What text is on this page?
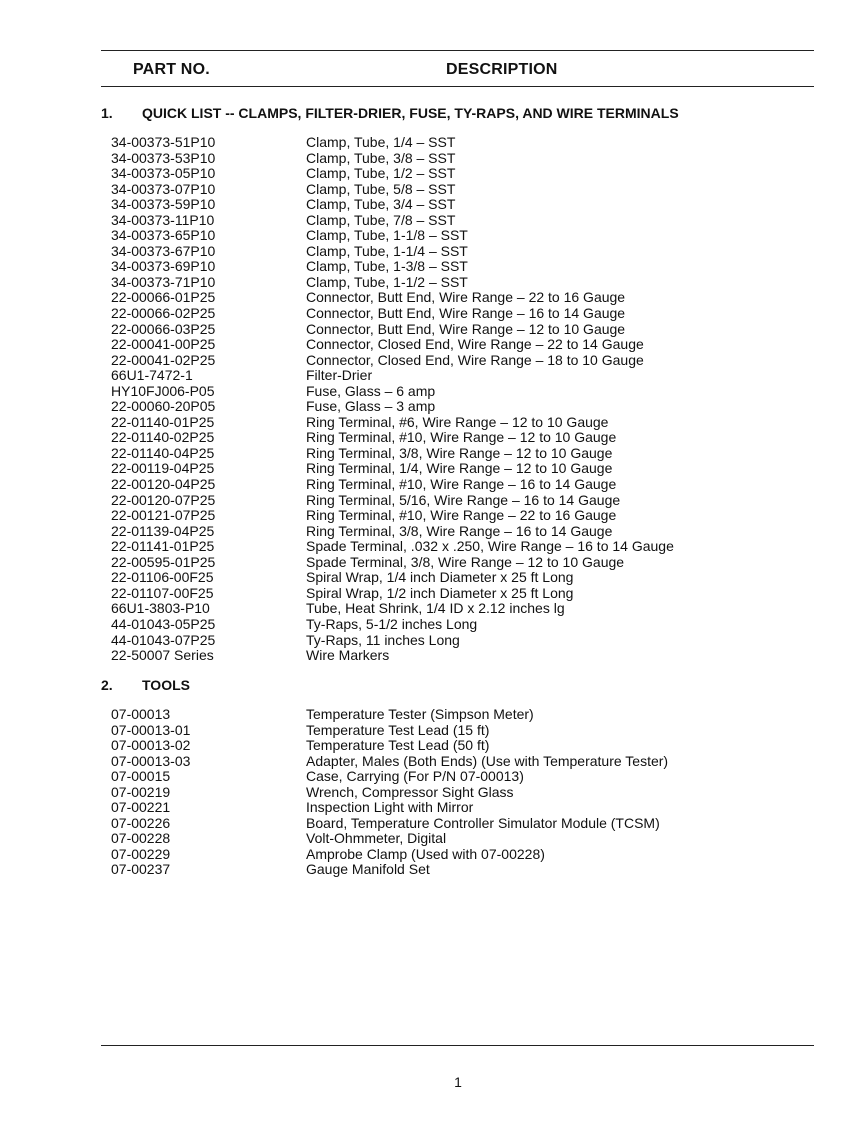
PART NO.	DESCRIPTION
1. QUICK LIST -- CLAMPS, FILTER-DRIER, FUSE, TY-RAPS, AND WIRE TERMINALS
34-00373-51P10	Clamp, Tube, 1/4 – SST
34-00373-53P10	Clamp, Tube, 3/8 – SST
34-00373-05P10	Clamp, Tube, 1/2 – SST
34-00373-07P10	Clamp, Tube, 5/8 – SST
34-00373-59P10	Clamp, Tube, 3/4 – SST
34-00373-11P10	Clamp, Tube, 7/8 – SST
34-00373-65P10	Clamp, Tube, 1-1/8 – SST
34-00373-67P10	Clamp, Tube, 1-1/4 – SST
34-00373-69P10	Clamp, Tube, 1-3/8 – SST
34-00373-71P10	Clamp, Tube, 1-1/2 – SST
22-00066-01P25	Connector, Butt End, Wire Range – 22 to 16 Gauge
22-00066-02P25	Connector, Butt End, Wire Range – 16 to 14 Gauge
22-00066-03P25	Connector, Butt End, Wire Range – 12 to 10 Gauge
22-00041-00P25	Connector, Closed End, Wire Range – 22 to 14 Gauge
22-00041-02P25	Connector, Closed End, Wire Range – 18 to 10 Gauge
66U1-7472-1	Filter-Drier
HY10FJ006-P05	Fuse, Glass – 6 amp
22-00060-20P05	Fuse, Glass – 3 amp
22-01140-01P25	Ring Terminal, #6, Wire Range – 12 to 10 Gauge
22-01140-02P25	Ring Terminal, #10, Wire Range – 12 to 10 Gauge
22-01140-04P25	Ring Terminal, 3/8, Wire Range – 12 to 10 Gauge
22-00119-04P25	Ring Terminal, 1/4, Wire Range – 12 to 10 Gauge
22-00120-04P25	Ring Terminal, #10, Wire Range – 16 to 14 Gauge
22-00120-07P25	Ring Terminal, 5/16, Wire Range – 16 to 14 Gauge
22-00121-07P25	Ring Terminal, #10, Wire Range – 22 to 16 Gauge
22-01139-04P25	Ring Terminal, 3/8, Wire Range – 16 to 14 Gauge
22-01141-01P25	Spade Terminal, .032 x .250, Wire Range – 16 to 14 Gauge
22-00595-01P25	Spade Terminal, 3/8, Wire Range – 12 to 10 Gauge
22-01106-00F25	Spiral Wrap, 1/4 inch Diameter x 25 ft Long
22-01107-00F25	Spiral Wrap, 1/2 inch Diameter x 25 ft Long
66U1-3803-P10	Tube, Heat Shrink, 1/4 ID x 2.12 inches lg
44-01043-05P25	Ty-Raps, 5-1/2 inches Long
44-01043-07P25	Ty-Raps, 11 inches Long
22-50007 Series	Wire Markers
2. TOOLS
07-00013	Temperature Tester (Simpson Meter)
07-00013-01	Temperature Test Lead (15 ft)
07-00013-02	Temperature Test Lead (50 ft)
07-00013-03	Adapter, Males (Both Ends) (Use with Temperature Tester)
07-00015	Case, Carrying (For P/N 07-00013)
07-00219	Wrench, Compressor Sight Glass
07-00221	Inspection Light with Mirror
07-00226	Board, Temperature Controller Simulator Module (TCSM)
07-00228	Volt-Ohmmeter, Digital
07-00229	Amprobe Clamp (Used with 07-00228)
07-00237	Gauge Manifold Set
1
